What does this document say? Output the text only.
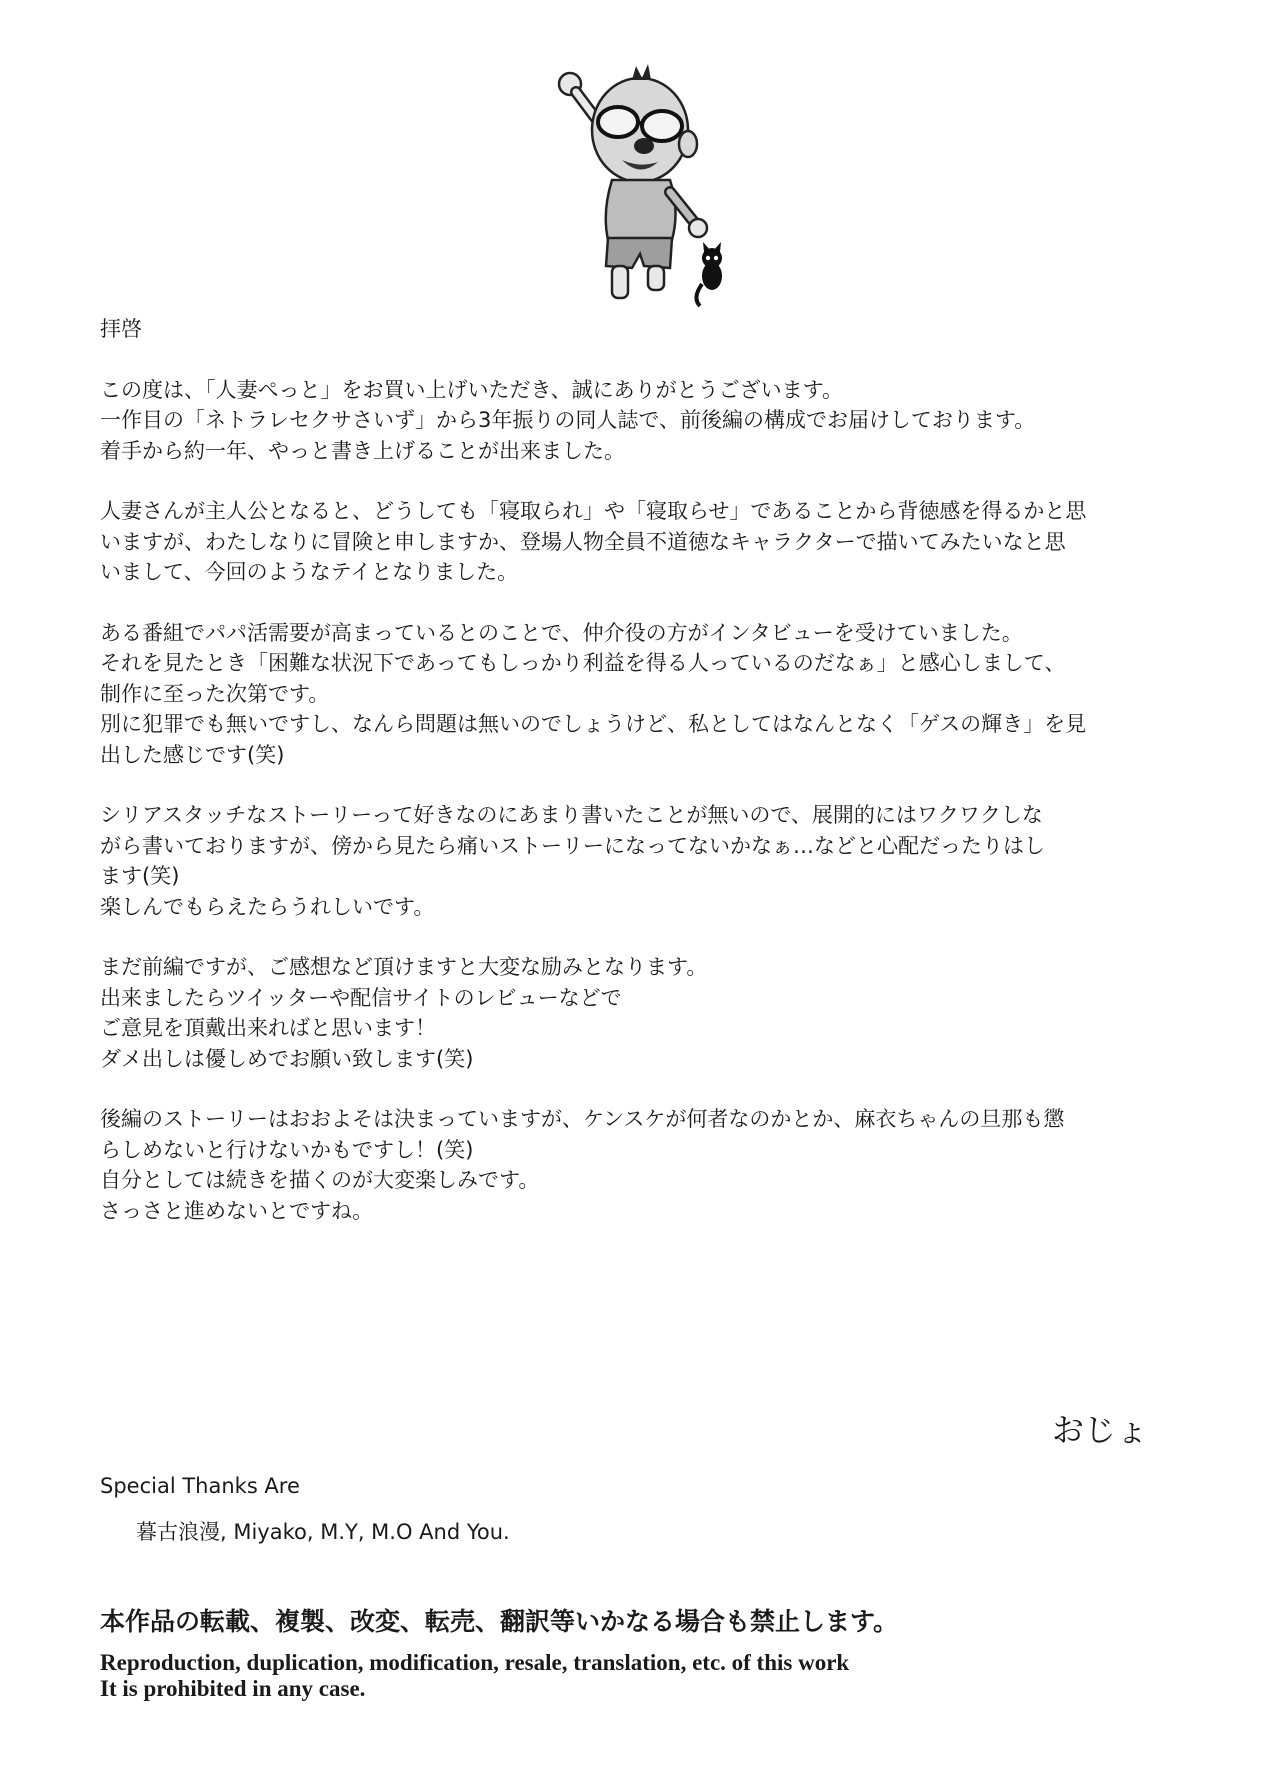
拝啓

この度は、「人妻ぺっと」をお買い上げいただき、誠にありがとうございます。
一作目の「ネトラレセクサさいず」から3年振りの同人誌で、前後編の構成でお届けしております。
着手から約一年、やっと書き上げることが出来ました。

人妻さんが主人公となると、どうしても「寝取られ」や「寝取らせ」であることから背徳感を得るかと思
いますが、わたしなりに冒険と申しますか、登場人物全員不道徳なキャラクターで描いてみたいなと思
いまして、今回のようなテイとなりました。

ある番組でパパ活需要が高まっているとのことで、仲介役の方がインタビューを受けていました。
それを見たとき「困難な状況下であってもしっかり利益を得る人っているのだなぁ」と感心しまして、
制作に至った次第です。
別に犯罪でも無いですし、なんら問題は無いのでしょうけど、私としてはなんとなく「ゲスの輝き」を見
出した感じです(笑)

シリアスタッチなストーリーって好きなのにあまり書いたことが無いので、展開的にはワクワクしな
がら書いておりますが、傍から見たら痛いストーリーになってないかなぁ…などと心配だったりはし
ます(笑)
楽しんでもらえたらうれしいです。

まだ前編ですが、ご感想など頂けますと大変な励みとなります。
出来ましたらツイッターや配信サイトのレビューなどで
ご意見を頂戴出来ればと思います！
ダメ出しは優しめでお願い致します(笑)

後編のストーリーはおおよそは決まっていますが、ケンスケが何者なのかとか、麻衣ちゃんの旦那も懲
らしめないと行けないかもですし！(笑)
自分としては続きを描くのが大変楽しみです。
さっさと進めないとですね。

おじょ
Special Thanks Are
暮古浪漫, Miyako, M.Y, M.O And You.
本作品の転載、複製、改変、転売、翻訳等いかなる場合も禁止します。
Reproduction, duplication, modification, resale, translation, etc. of this work
It is prohibited in any case.
